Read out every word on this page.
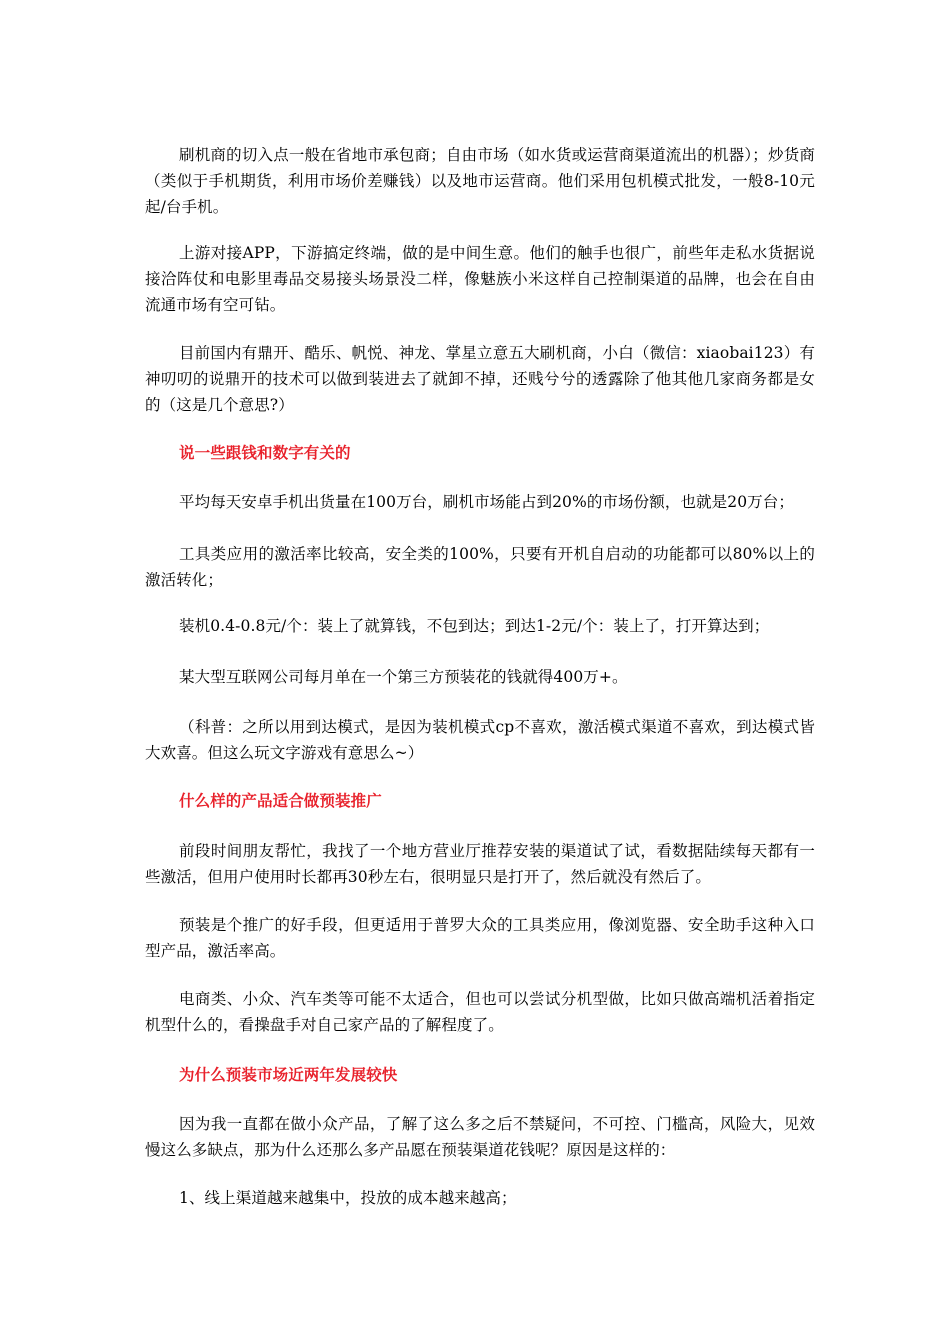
刷机商的切入点一般在省地市承包商；自由市场（如水货或运营商渠道流出的机器）；炒货商（类似于手机期货，利用市场价差赚钱）以及地市运营商。他们采用包机模式批发，一般8-10元起/台手机。
上游对接APP，下游搞定终端，做的是中间生意。他们的触手也很广，前些年走私水货据说接洽阵仗和电影里毒品交易接头场景没二样，像魅族小米这样自己控制渠道的品牌，也会在自由流通市场有空可钻。
目前国内有鼎开、酷乐、帆悦、神龙、掌星立意五大刷机商，小白（微信：xiaobai123）有神叨叨的说鼎开的技术可以做到装进去了就卸不掉，还贱兮兮的透露除了他其他几家商务都是女的（这是几个意思?）
说一些跟钱和数字有关的
平均每天安卓手机出货量在100万台，刷机市场能占到20%的市场份额，也就是20万台；
工具类应用的激活率比较高，安全类的100%，只要有开机自启动的功能都可以80%以上的激活转化；
装机0.4-0.8元/个：装上了就算钱，不包到达；到达1-2元/个：装上了，打开算达到；
某大型互联网公司每月单在一个第三方预装花的钱就得400万+。
（科普：之所以用到达模式，是因为装机模式cp不喜欢，激活模式渠道不喜欢，到达模式皆大欢喜。但这么玩文字游戏有意思么~）
什么样的产品适合做预装推广
前段时间朋友帮忙，我找了一个地方营业厅推荐安装的渠道试了试，看数据陆续每天都有一些激活，但用户使用时长都再30秒左右，很明显只是打开了，然后就没有然后了。
预装是个推广的好手段，但更适用于普罗大众的工具类应用，像浏览器、安全助手这种入口型产品，激活率高。
电商类、小众、汽车类等可能不太适合，但也可以尝试分机型做，比如只做高端机活着指定机型什么的，看操盘手对自己家产品的了解程度了。
为什么预装市场近两年发展较快
因为我一直都在做小众产品，了解了这么多之后不禁疑问，不可控、门槛高，风险大，见效慢这么多缺点，那为什么还那么多产品愿在预装渠道花钱呢？原因是这样的：
1、线上渠道越来越集中，投放的成本越来越高；
